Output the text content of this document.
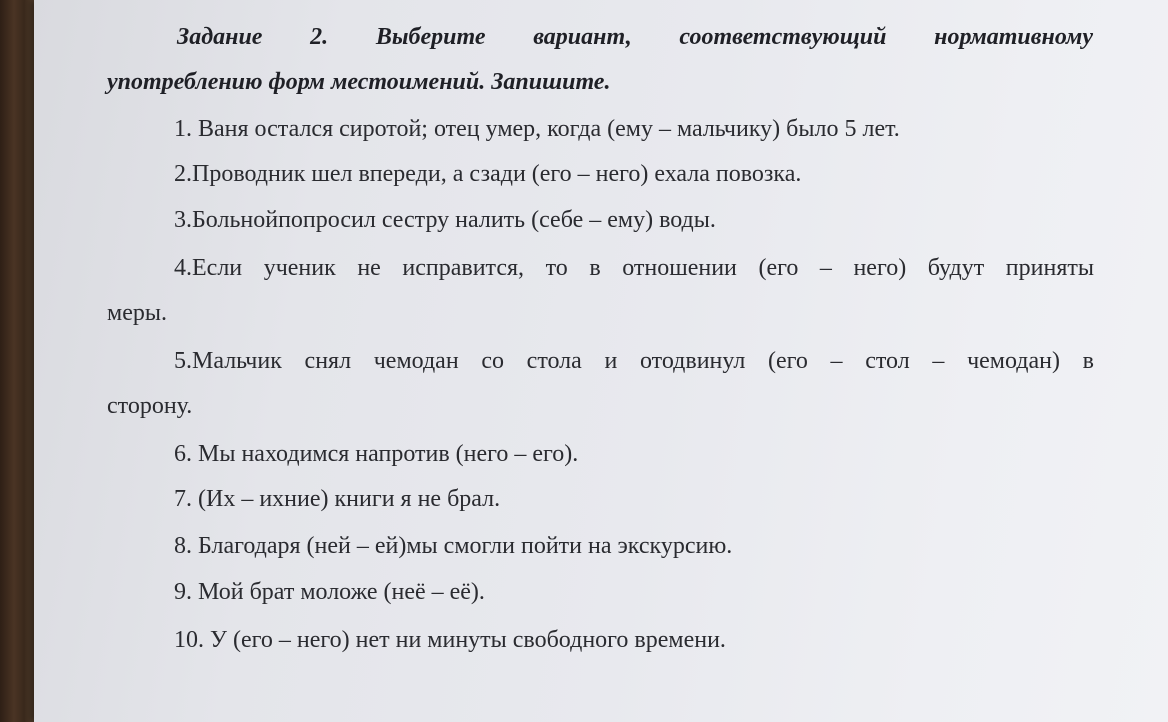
Задание 2. Выберите вариант, соответствующий нормативному
употреблению форм местоимений. Запишите.
1. Ваня остался сиротой; отец умер, когда (ему – мальчику) было 5 лет.
2.Проводник шел впереди, а сзади (его – него) ехала повозка.
3.Больнойпопросил сестру налить (себе – ему) воды.
4.Если ученик не исправится, то в отношении (его – него) будут приняты
меры.
5.Мальчик снял чемодан со стола и отодвинул (его – стол – чемодан) в
сторону.
6. Мы находимся напротив (него – его).
7. (Их – ихние) книги я не брал.
8. Благодаря (ней – ей)мы смогли пойти на экскурсию.
9. Мой брат моложе (неё – её).
10. У (его – него) нет ни минуты свободного времени.
